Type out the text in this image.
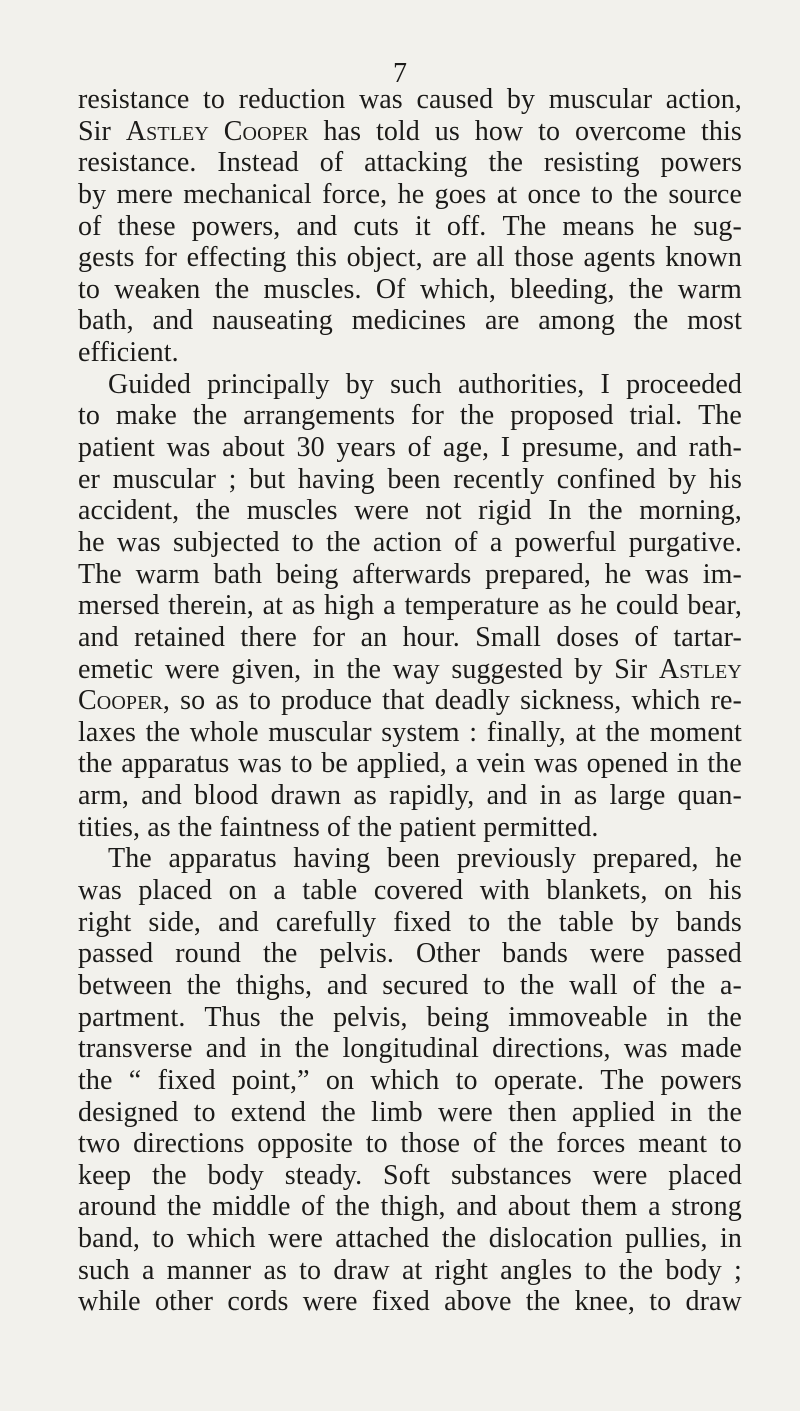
7
resistance to reduction was caused by muscular action,
Sir Astley Cooper has told us how to overcome this
resistance. Instead of attacking the resisting powers
by mere mechanical force, he goes at once to the source
of these powers, and cuts it off. The means he sug-
gests for effecting this object, are all those agents known
to weaken the muscles. Of which, bleeding, the warm
bath, and nauseating medicines are among the most
efficient.
Guided principally by such authorities, I proceeded
to make the arrangements for the proposed trial. The
patient was about 30 years of age, I presume, and rath-
er muscular ; but having been recently confined by his
accident, the muscles were not rigid In the morning,
he was subjected to the action of a powerful purgative.
The warm bath being afterwards prepared, he was im-
mersed therein, at as high a temperature as he could bear,
and retained there for an hour. Small doses of tartar-
emetic were given, in the way suggested by Sir Astley
Cooper, so as to produce that deadly sickness, which re-
laxes the whole muscular system : finally, at the moment
the apparatus was to be applied, a vein was opened in the
arm, and blood drawn as rapidly, and in as large quan-
tities, as the faintness of the patient permitted.
The apparatus having been previously prepared, he
was placed on a table covered with blankets, on his
right side, and carefully fixed to the table by bands
passed round the pelvis. Other bands were passed
between the thighs, and secured to the wall of the a-
partment. Thus the pelvis, being immoveable in the
transverse and in the longitudinal directions, was made
the “ fixed point,” on which to operate. The powers
designed to extend the limb were then applied in the
two directions opposite to those of the forces meant to
keep the body steady. Soft substances were placed
around the middle of the thigh, and about them a strong
band, to which were attached the dislocation pullies, in
such a manner as to draw at right angles to the body ;
while other cords were fixed above the knee, to draw
